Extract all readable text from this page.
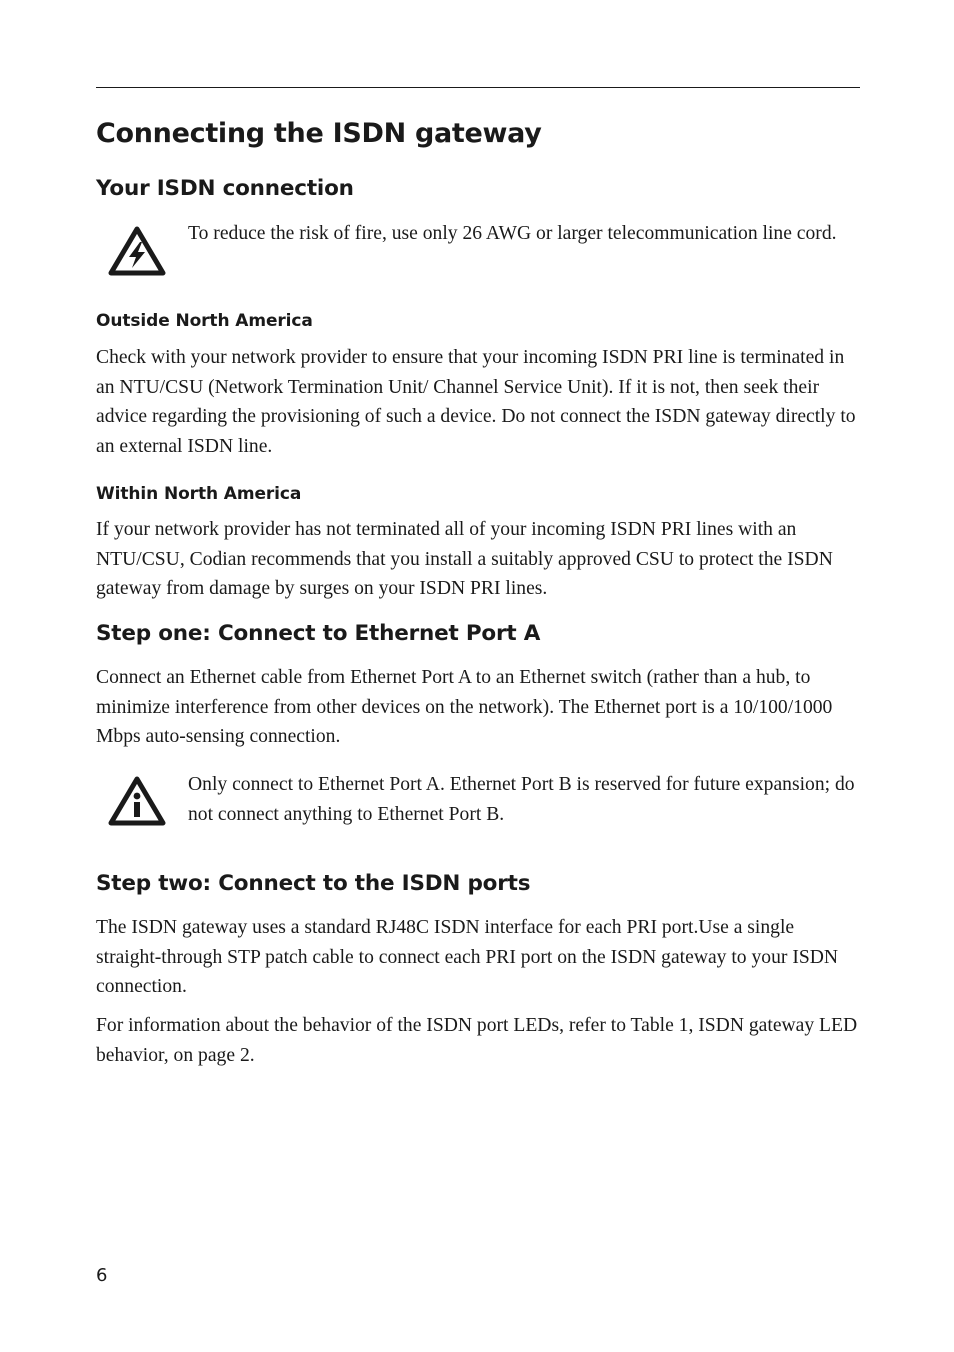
Connecting the ISDN gateway
Your ISDN connection

To reduce the risk of fire, use only 26 AWG or larger telecommunication line cord.

Outside North America

Check with your network provider to ensure that your incoming ISDN PRI line is terminated in an NTU/CSU (Network Termination Unit/ Channel Service Unit). If it is not, then seek their advice regarding the provisioning of such a device. Do not connect the ISDN gateway directly to an external ISDN line.

Within North America

If your network provider has not terminated all of your incoming ISDN PRI lines with an NTU/CSU, Codian recommends that you install a suitably approved CSU to protect the ISDN gateway from damage by surges on your ISDN PRI lines.

Step one: Connect to Ethernet Port A

Connect an Ethernet cable from Ethernet Port A to an Ethernet switch (rather than a hub, to minimize interference from other devices on the network). The Ethernet port is a 10/100/1000 Mbps auto-sensing connection.

Only connect to Ethernet Port A. Ethernet Port B is reserved for future expansion; do not connect anything to Ethernet Port B.

Step two: Connect to the ISDN ports

The ISDN gateway uses a standard RJ48C ISDN interface for each PRI port.Use a single straight-through STP patch cable to connect each PRI port on the ISDN gateway to your ISDN connection.

For information about the behavior of the ISDN port LEDs, refer to Table 1, ISDN gateway LED behavior, on page 2.

6
